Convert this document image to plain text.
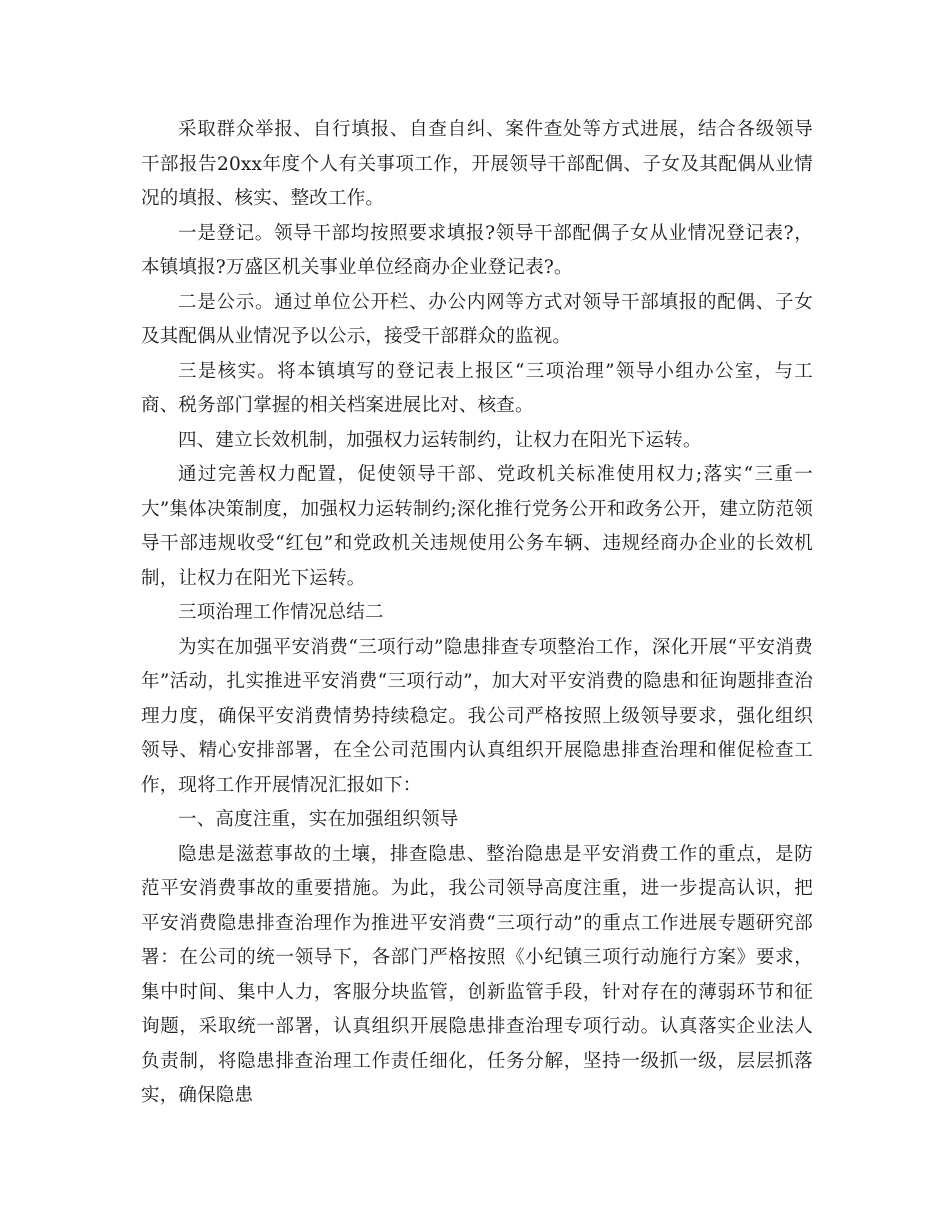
采取群众举报、自行填报、自查自纠、案件查处等方式进展，结合各级领导干部报告20xx年度个人有关事项工作，开展领导干部配偶、子女及其配偶从业情况的填报、核实、整改工作。

一是登记。领导干部均按照要求填报?领导干部配偶子女从业情况登记表?，本镇填报?万盛区机关事业单位经商办企业登记表?。

二是公示。通过单位公开栏、办公内网等方式对领导干部填报的配偶、子女及其配偶从业情况予以公示，接受干部群众的监视。

三是核实。将本镇填写的登记表上报区“三项治理”领导小组办公室，与工商、税务部门掌握的相关档案进展比对、核查。

四、建立长效机制，加强权力运转制约，让权力在阳光下运转。

通过完善权力配置，促使领导干部、党政机关标准使用权力;落实“三重一大”集体决策制度，加强权力运转制约;深化推行党务公开和政务公开，建立防范领导干部违规收受“红包”和党政机关违规使用公务车辆、违规经商办企业的长效机制，让权力在阳光下运转。

三项治理工作情况总结二

为实在加强平安消费“三项行动”隐患排查专项整治工作，深化开展“平安消费年”活动，扎实推进平安消费“三项行动”，加大对平安消费的隐患和征询题排查治理力度，确保平安消费情势持续稳定。我公司严格按照上级领导要求，强化组织领导、精心安排部署，在全公司范围内认真组织开展隐患排查治理和催促检查工作，现将工作开展情况汇报如下：

一、高度注重，实在加强组织领导

隐患是滋惹事故的土壤，排查隐患、整治隐患是平安消费工作的重点，是防范平安消费事故的重要措施。为此，我公司领导高度注重，进一步提高认识，把平安消费隐患排查治理作为推进平安消费“三项行动”的重点工作进展专题研究部署：在公司的统一领导下，各部门严格按照《小纪镇三项行动施行方案》要求，集中时间、集中人力，客服分块监管，创新监管手段，针对存在的薄弱环节和征询题，采取统一部署，认真组织开展隐患排查治理专项行动。认真落实企业法人负责制，将隐患排查治理工作责任细化，任务分解，坚持一级抓一级，层层抓落实，确保隐患
